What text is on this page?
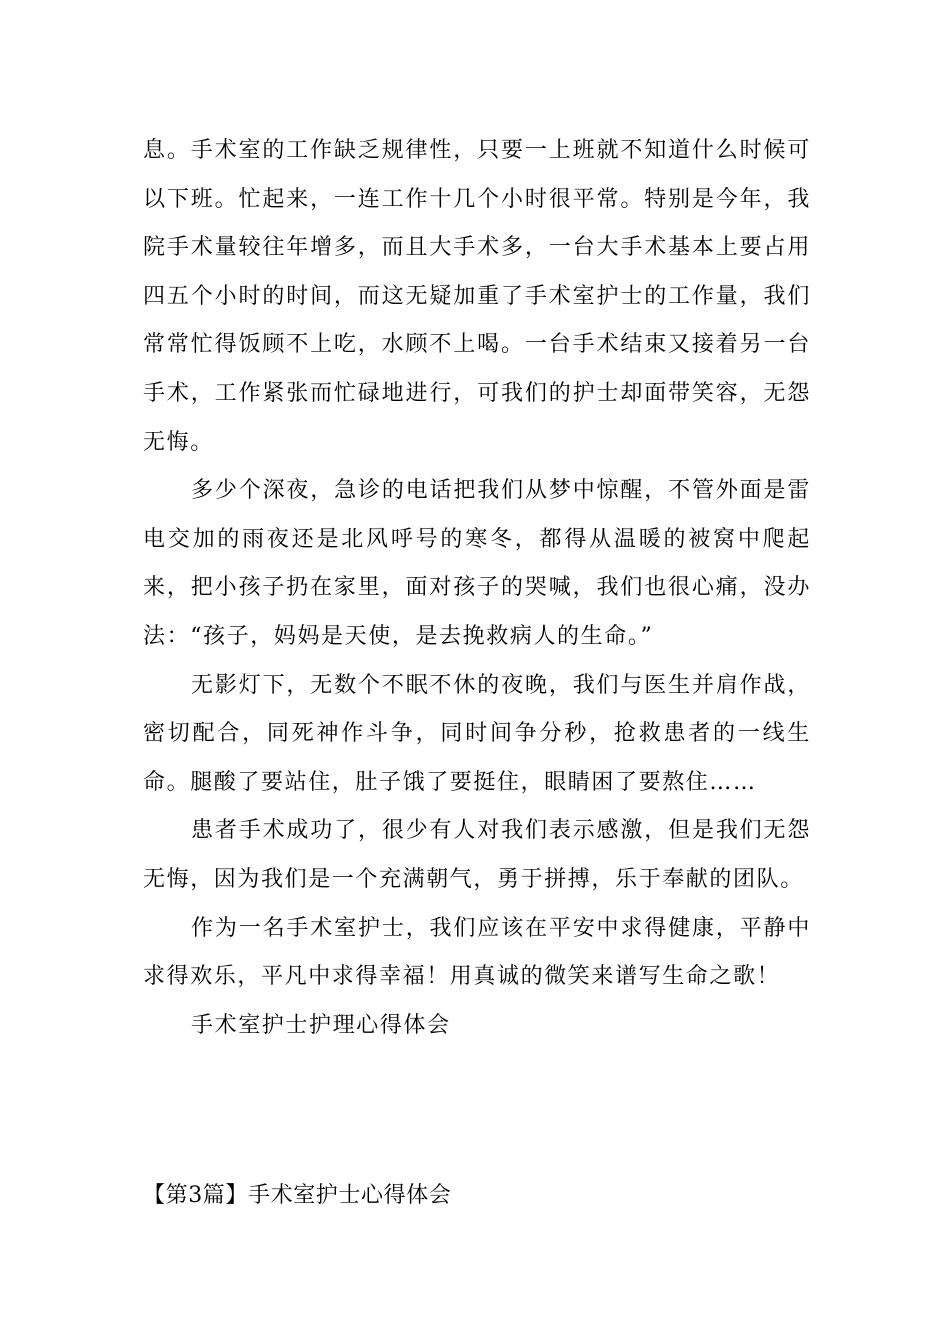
息。手术室的工作缺乏规律性，只要一上班就不知道什么时候可以下班。忙起来，一连工作十几个小时很平常。特别是今年，我院手术量较往年增多，而且大手术多，一台大手术基本上要占用四五个小时的时间，而这无疑加重了手术室护士的工作量，我们常常忙得饭顾不上吃，水顾不上喝。一台手术结束又接着另一台手术，工作紧张而忙碌地进行，可我们的护士却面带笑容，无怨无悔。

多少个深夜，急诊的电话把我们从梦中惊醒，不管外面是雷电交加的雨夜还是北风呼号的寒冬，都得从温暖的被窝中爬起来，把小孩子扔在家里，面对孩子的哭喊，我们也很心痛，没办法：“孩子，妈妈是天使，是去挽救病人的生命。”

无影灯下，无数个不眠不休的夜晚，我们与医生并肩作战，密切配合，同死神作斗争，同时间争分秒，抢救患者的一线生命。腿酸了要站住，肚子饿了要挺住，眼睛困了要熬住……

患者手术成功了，很少有人对我们表示感激，但是我们无怨无悔，因为我们是一个充满朝气，勇于拼搏，乐于奉献的团队。

作为一名手术室护士，我们应该在平安中求得健康，平静中求得欢乐，平凡中求得幸福！用真诚的微笑来谱写生命之歌！

手术室护士护理心得体会

【第3篇】手术室护士心得体会
